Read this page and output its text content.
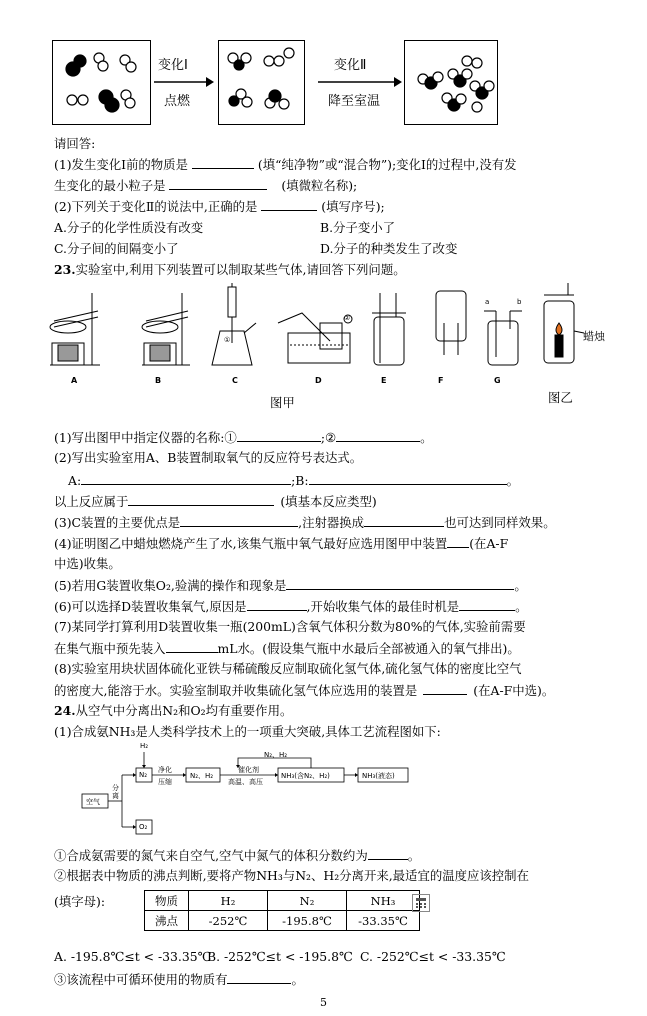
变化Ⅰ
点燃
变化Ⅱ
降至室温
请回答:
(1)发生变化Ⅰ前的物质是	(填“纯净物”或“混合物”);变化Ⅰ的过程中,没有发
生变化的最小粒子是	(填微粒名称);
(2)下列关于变化Ⅱ的说法中,正确的是	(填写序号);
A.分子的化学性质没有改变	B.分子变小了
C.分子间的间隔变小了	D.分子的种类发生了改变
23.实验室中,利用下列装置可以制取某些气体,请回答下列问题。
①
②
a	b
蜡烛
A	B	C	D	E	F	G
图甲	图乙
(1)写出图甲中指定仪器的名称:①	;②	。
(2)写出实验室用A、B装置制取氧气的反应符号表达式。
A:	;B:	。
以上反应属于	(填基本反应类型)
(3)C装置的主要优点是	,注射器换成	也可达到同样效果。
(4)证明图乙中蜡烛燃烧产生了水,该集气瓶中氧气最好应选用图甲中装置 (在A-F
中选)收集。
(5)若用G装置收集O₂,验满的操作和现象是	。
(6)可以选择D装置收集氧气,原因是	,开始收集气体的最佳时机是	。
(7)某同学打算利用D装置收集一瓶(200mL)含氧气体积分数为80%的气体,实验前需要
在集气瓶中预先装入	mL水。(假设集气瓶中水最后全部被通入的氧气排出)。
(8)实验室用块状固体硫化亚铁与稀硫酸反应制取硫化氢气体,硫化氢气体的密度比空气
的密度大,能溶于水。实验室制取并收集硫化氢气体应选用的装置是	(在A-F中选)。
24.从空气中分离出N₂和O₂均有重要作用。
(1)合成氨NH₃是人类科学技术上的一项重大突破,具体工艺流程图如下:
H₂
空气
分离
N₂
净化
压缩
N₂、H₂
催化剂
高温、高压
NH₃(含N₂、H₂)	NH₃(液态)
N₂、H₂
O₂
①合成氨需要的氮气来自空气,空气中氮气的体积分数约为	。
②根据表中物质的沸点判断,要将产物NH₃与N₂、H₂分离开来,最适宜的温度应该控制在
(填字母):	物质	H₂	N₂	NH₃
沸点	-252℃	-195.8℃	-33.35℃
A. -195.8℃≤t < -33.35℃
B. -252℃≤t < -195.8℃ C. -252℃≤t < -33.35℃
③该流程中可循环使用的物质有	。
5
